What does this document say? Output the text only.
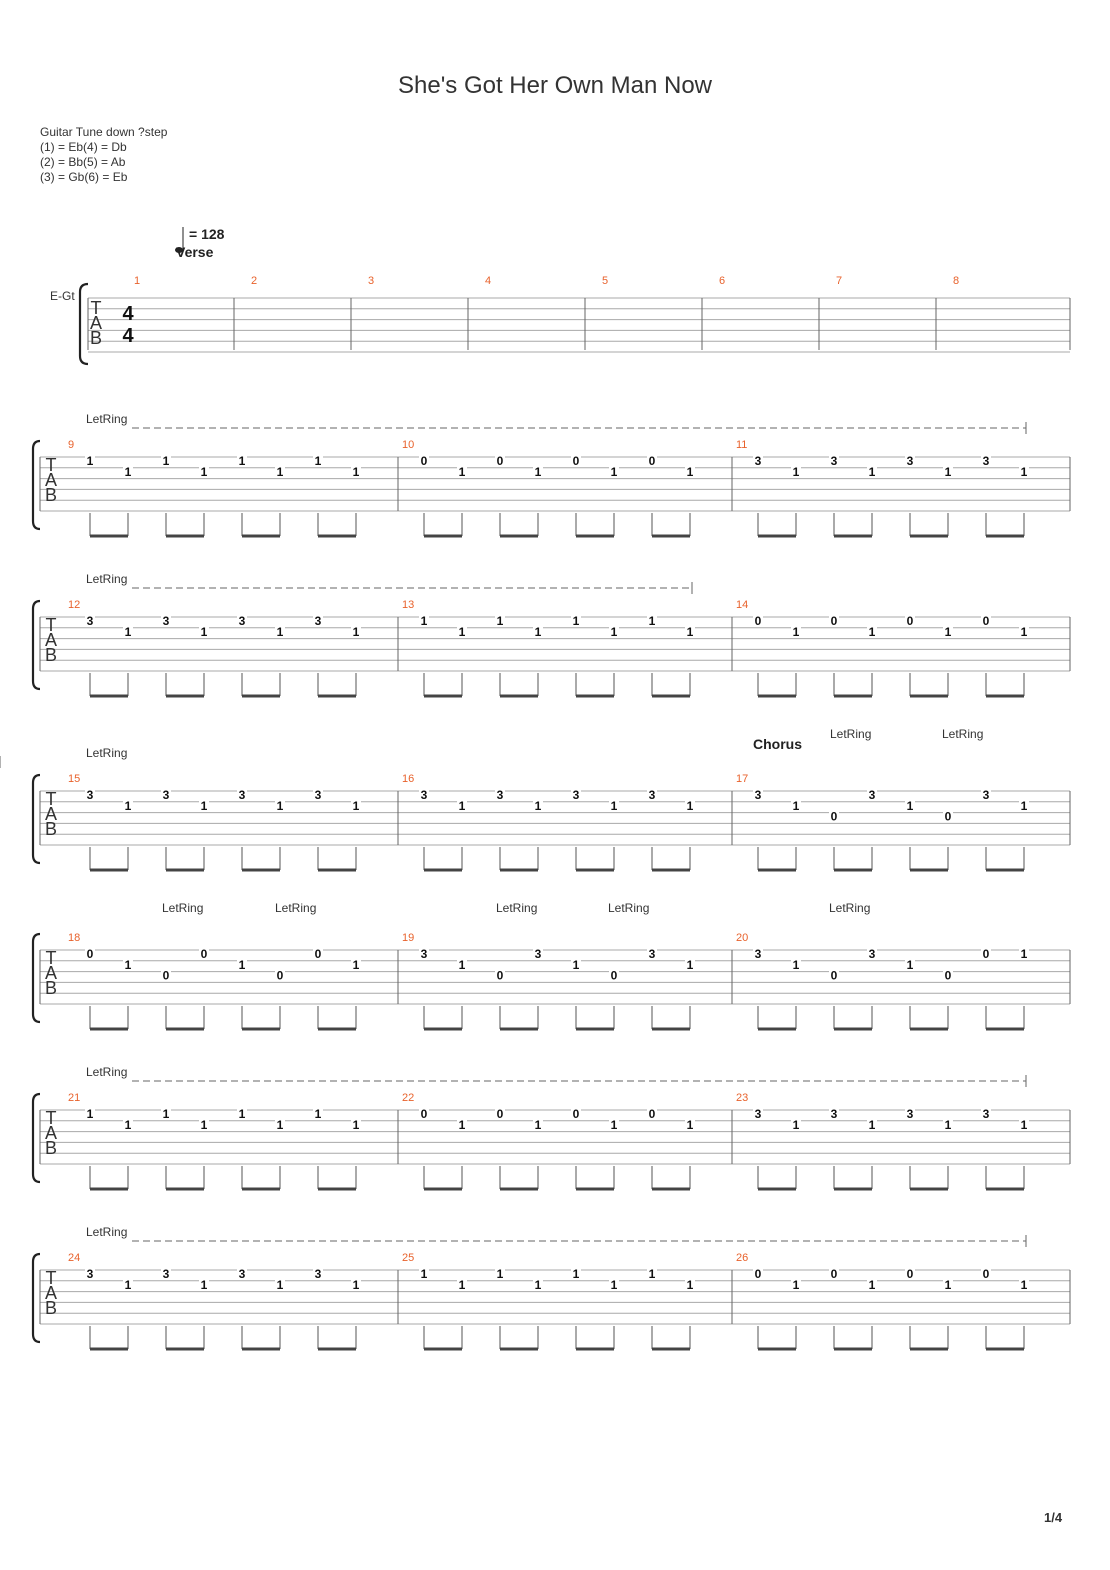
She's Got Her Own Man Now
Guitar Tune down ?step
(1) = Eb(4) = Db
(2) = Bb(5) = Ab
(3) = Gb(6) = Eb
E-Gt
T
A
B
4
4
1	2	3	4	5	6	7	8
= 128
Verse
T
A
B
9
1
1
1
1
1
1
1
1
10
0
1
0
1
0
1
0
1
11
3
1
3
1
3
1
3
1
LetRing
T
A
B
12
3
1
3
1
3
1
3
1
13
1
1
1
1
1
1
1
1
14
0
1
0
1
0
1
0
1
LetRing
T
A
B
15
3
1
3
1
3
1
3
1
16
3
1
3
1
3
1
3
1
17
3
1
0
3
1
0
3
1
LetRing
LetRing	LetRing
Chorus
T
A
B
18
0
1
0
0
1
0
0
1
19
3
1
0
3
1
0
3
1
20
3
1
0
3
1
0
0	1
LetRing	LetRing	LetRing	LetRing	LetRing
T
A
B
21
1
1
1
1
1
1
1
1
22
0
1
0
1
0
1
0
1
23
3
1
3
1
3
1
3
1
LetRing
T
A
B
24
3
1
3
1
3
1
3
1
25
1
1
1
1
1
1
1
1
26
0
1
0
1
0
1
0
1
LetRing
1/4
